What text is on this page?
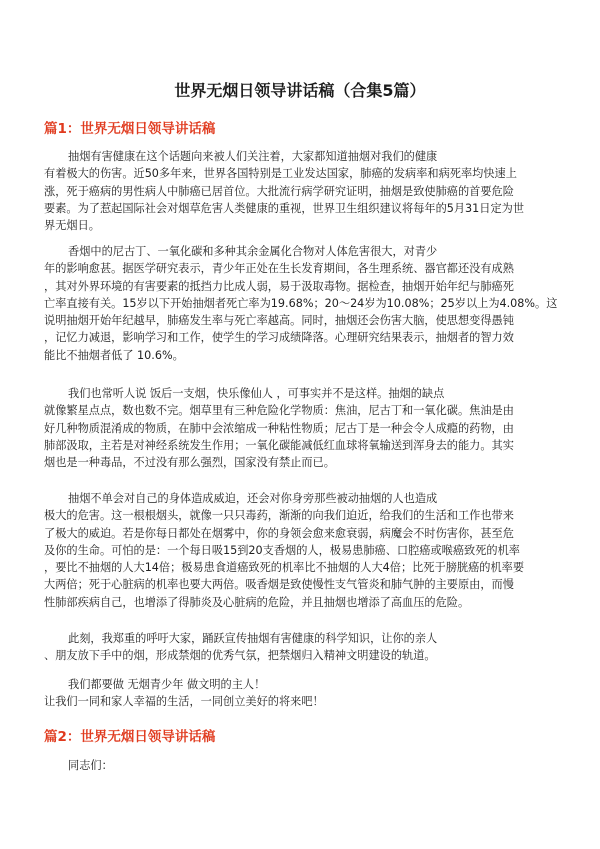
世界无烟日领导讲话稿（合集5篇）
篇1：世界无烟日领导讲话稿
抽烟有害健康在这个话题向来被人们关注着，大家都知道抽烟对我们的健康
有着极大的伤害。近50多年来，世界各国特别是工业发达国家，肺癌的发病率和病死率均快速上
涨，死于癌病的男性病人中肺癌已居首位。大批流行病学研究证明，抽烟是致使肺癌的首要危险
要素。为了惹起国际社会对烟草危害人类健康的重视，世界卫生组织建议将每年的5月31日定为世
界无烟日。
香烟中的尼古丁、一氧化碳和多种其余金属化合物对人体危害很大，对青少
年的影响愈甚。据医学研究表示，青少年正处在生长发育期间，各生理系统、器官都还没有成熟
，其对外界环境的有害要素的抵挡力比成人弱，易于汲取毒物。据检查，抽烟开始年纪与肺癌死
亡率直接有关。15岁以下开始抽烟者死亡率为19.68%；20～24岁为10.08%；25岁以上为4.08%。这
说明抽烟开始年纪越早，肺癌发生率与死亡率越高。同时，抽烟还会伤害大脑，使思想变得愚钝
，记忆力减退，影响学习和工作，使学生的学习成绩降落。心理研究结果表示，抽烟者的智力效
能比不抽烟者低了 10.6%。
我们也常听人说 饭后一支烟，快乐像仙人 ，可事实并不是这样。抽烟的缺点
就像繁星点点，数也数不完。烟草里有三种危险化学物质：焦油，尼古丁和一氧化碳。焦油是由
好几种物质混淆成的物质，在肺中会浓缩成一种粘性物质；尼古丁是一种会令人成瘾的药物，由
肺部汲取，主若是对神经系统发生作用；一氧化碳能减低红血球将氧输送到浑身去的能力。其实
烟也是一种毒品，不过没有那么强烈，国家没有禁止而已。
抽烟不单会对自己的身体造成威迫，还会对你身旁那些被动抽烟的人也造成
极大的危害。这一根根烟头，就像一只只毒药，渐渐的向我们迫近，给我们的生活和工作也带来
了极大的威迫。若是你每日都处在烟雾中，你的身领会愈来愈衰弱，病魔会不时伤害你，甚至危
及你的生命。可怕的是：一个每日吸15到20支香烟的人，极易患肺癌、口腔癌或喉癌致死的机率
，要比不抽烟的人大14倍；极易患食道癌致死的机率比不抽烟的人大4倍；比死于膀胱癌的机率要
大两倍；死于心脏病的机率也要大两倍。吸香烟是致使慢性支气管炎和肺气肿的主要原由，而慢
性肺部疾病自己，也增添了得肺炎及心脏病的危险，并且抽烟也增添了高血压的危险。
此刻，我郑重的呼吁大家，踊跃宣传抽烟有害健康的科学知识，让你的亲人
、朋友放下手中的烟，形成禁烟的优秀气氛，把禁烟归入精神文明建设的轨道。
我们都要做 无烟青少年 做文明的主人！
让我们一同和家人幸福的生活，一同创立美好的将来吧！
篇2：世界无烟日领导讲话稿
同志们：
